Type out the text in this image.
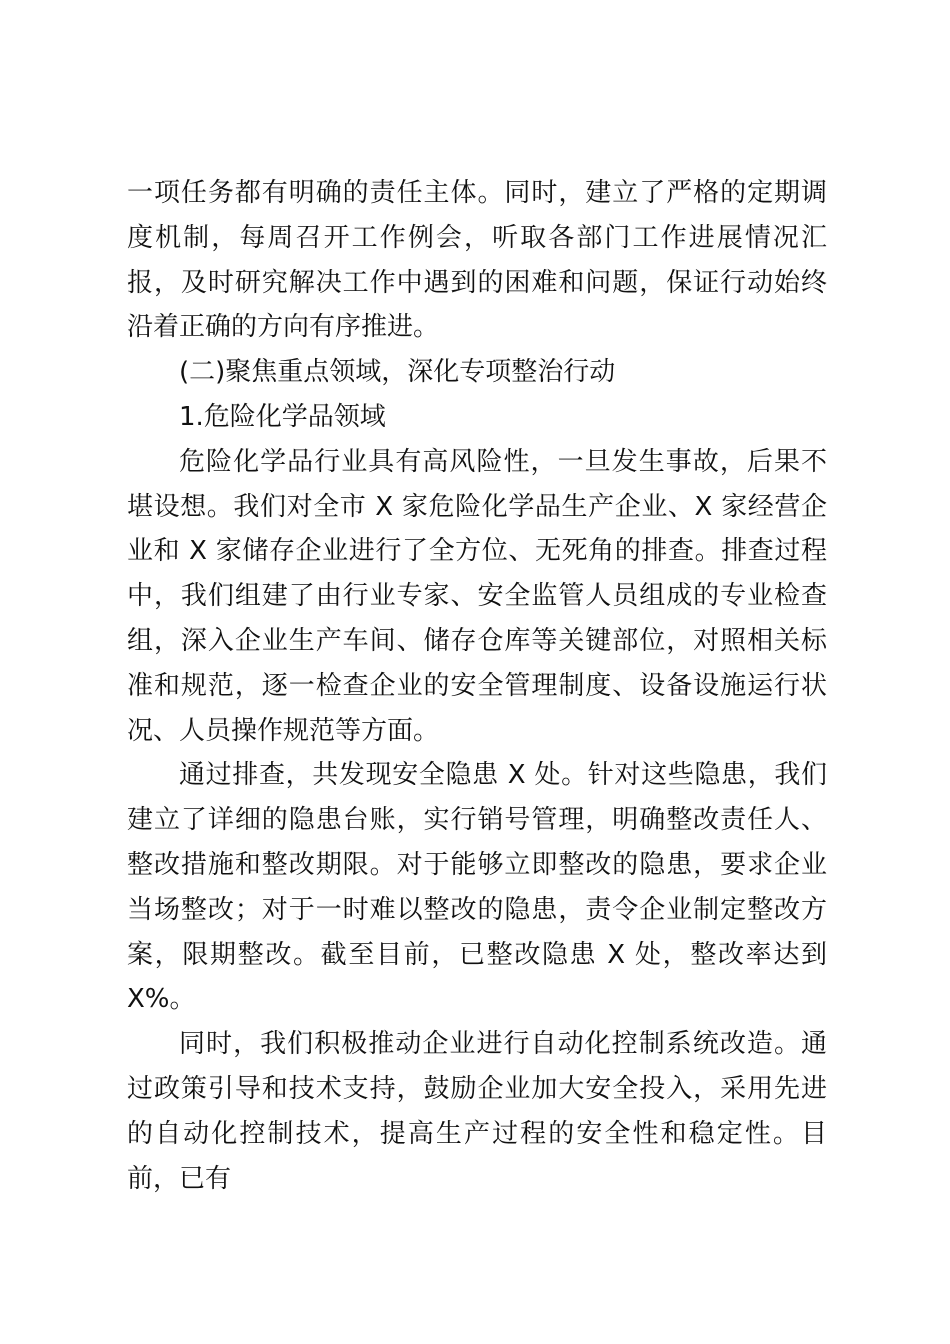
一项任务都有明确的责任主体。同时，建立了严格的定期调度机制，每周召开工作例会，听取各部门工作进展情况汇报，及时研究解决工作中遇到的困难和问题，保证行动始终沿着正确的方向有序推进。

(二)聚焦重点领域，深化专项整治行动

1.危险化学品领域

危险化学品行业具有高风险性，一旦发生事故，后果不堪设想。我们对全市 X 家危险化学品生产企业、X 家经营企业和 X 家储存企业进行了全方位、无死角的排查。排查过程中，我们组建了由行业专家、安全监管人员组成的专业检查组，深入企业生产车间、储存仓库等关键部位，对照相关标准和规范，逐一检查企业的安全管理制度、设备设施运行状况、人员操作规范等方面。

通过排查，共发现安全隐患 X 处。针对这些隐患，我们建立了详细的隐患台账，实行销号管理，明确整改责任人、整改措施和整改期限。对于能够立即整改的隐患，要求企业当场整改；对于一时难以整改的隐患，责令企业制定整改方案，限期整改。截至目前，已整改隐患 X 处，整改率达到 X%。

同时，我们积极推动企业进行自动化控制系统改造。通过政策引导和技术支持，鼓励企业加大安全投入，采用先进的自动化控制技术，提高生产过程的安全性和稳定性。目前，已有
